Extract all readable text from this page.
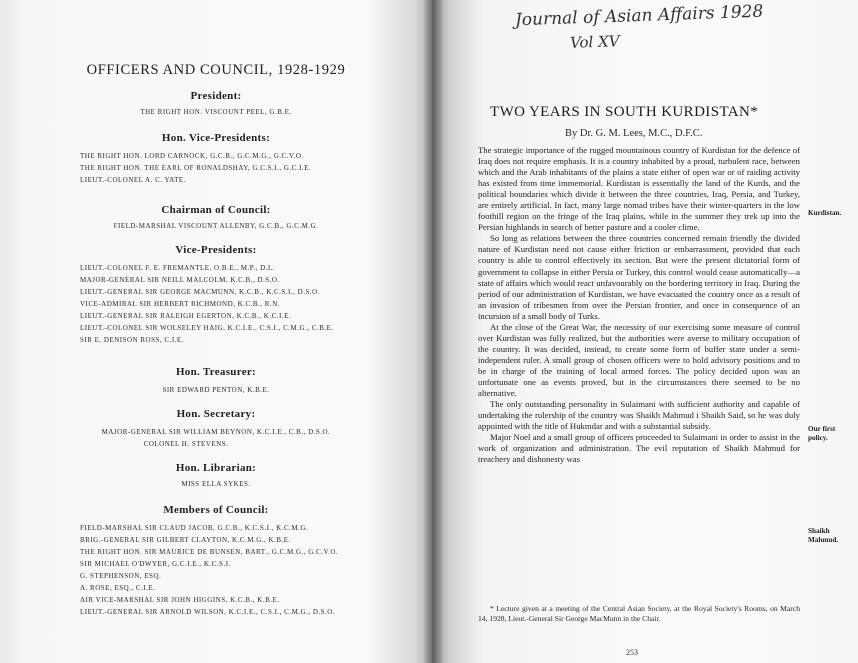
OFFICERS AND COUNCIL, 1928-1929
President:
THE RIGHT HON. VISCOUNT PEEL, G.B.E.
Hon. Vice-Presidents:
THE RIGHT HON. LORD CARNOCK, G.C.B., G.C.M.G., G.C.V.O.
THE RIGHT HON. THE EARL OF RONALDSHAY, G.C.S.I., G.C.I.E.
LIEUT.-COLONEL A. C. YATE.
Chairman of Council:
FIELD-MARSHAL VISCOUNT ALLENBY, G.C.B., G.C.M.G.
Vice-Presidents:
LIEUT.-COLONEL F. E. FREMANTLE, O.B.E., M.P., D.L.
MAJOR-GENERAL SIR NEILL MALCOLM, K.C.B., D.S.O.
LIEUT.-GENERAL SIR GEORGE MACMUNN, K.C.B., K.C.S.I., D.S.O.
VICE-ADMIRAL SIR HERBERT RICHMOND, K.C.B., R.N.
LIEUT.-GENERAL SIR RALEIGH EGERTON, K.C.B., K.C.I.E.
LIEUT.-COLONEL SIR WOLSELEY HAIG, K.C.I.E., C.S.I., C.M.G., C.B.E.
SIR E. DENISON ROSS, C.I.E.
Hon. Treasurer:
SIR EDWARD PENTON, K.B.E.
Hon. Secretary:
MAJOR-GENERAL SIR WILLIAM BEYNON, K.C.I.E., C.B., D.S.O.
COLONEL H. STEVENS.
Hon. Librarian:
MISS ELLA SYKES.
Members of Council:
FIELD-MARSHAL SIR CLAUD JACOB, G.C.B., K.C.S.I., K.C.M.G.
BRIG.-GENERAL SIR GILBERT CLAYTON, K.C.M.G., K.B.E.
THE RIGHT HON. SIR MAURICE DE BUNSEN, BART., G.C.M.G., G.C.V.O.
SIR MICHAEL O'DWYER, G.C.I.E., K.C.S.I.
G. STEPHENSON, ESQ.
A. ROSE, ESQ., C.I.E.
AIR VICE-MARSHAL SIR JOHN HIGGINS, K.C.B., K.B.E.
LIEUT.-GENERAL SIR ARNOLD WILSON, K.C.I.E., C.S.I., C.M.G., D.S.O.
Journal of Asian Affairs 1928
Vol XV
TWO YEARS IN SOUTH KURDISTAN*
By Dr. G. M. Lees, M.C., D.F.C.

The strategic importance of the rugged mountainous country of Kurdistan for the defence of Iraq does not require emphasis. It is a country inhabited by a proud, turbulent race, between which and the Arab inhabitants of the plains a state either of open war or of raiding activity has existed from time immemorial. Kurdistan is essentially the land of the Kurds, and the political boundaries which divide it between the three countries, Iraq, Persia, and Turkey, are entirely artificial. In fact, many large nomad tribes have their winter-quarters in the low foothill region on the fringe of the Iraq plains, while in the summer they trek up into the Persian highlands in search of better pasture and a cooler clime.

So long as relations between the three countries concerned remain friendly the divided nature of Kurdistan need not cause either friction or embarrassment, provided that each country is able to control effectively its section. But were the present dictatorial form of government to collapse in either Persia or Turkey, this control would cease automatically—a state of affairs which would react unfavourably on the bordering territory in Iraq. During the period of our administration of Kurdistan, we have evacuated the country once as a result of an invasion of tribesmen from over the Persian frontier, and once in consequence of an incursion of a small body of Turks.

At the close of the Great War, the necessity of our exercising some measure of control over Kurdistan was fully realized, but the authorities were averse to military occupation of the country. It was decided, instead, to create some form of buffer state under a semi-independent ruler. A small group of chosen officers were to hold advisory positions and to be in charge of the training of local armed forces. The policy decided upon was an unfortunate one as events proved, but in the circumstances there seemed to be no alternative.

The only outstanding personality in Sulaimani with sufficient authority and capable of undertaking the rulership of the country was Shaikh Mahmud i Shaikh Said, so he was duly appointed with the title of Hukmdar and with a substantial subsidy.

Major Noel and a small group of officers proceeded to Sulaimani in order to assist in the work of organization and administration. The evil reputation of Shaikh Mahmud for treachery and dishonesty was

Kurdistan.
Our first policy.
Shaikh Mahmud.

* Lecture given at a meeting of the Central Asian Society, at the Royal Society's Rooms, on March 14, 1928, Lieut.-General Sir George MacMunn in the Chair.

253
